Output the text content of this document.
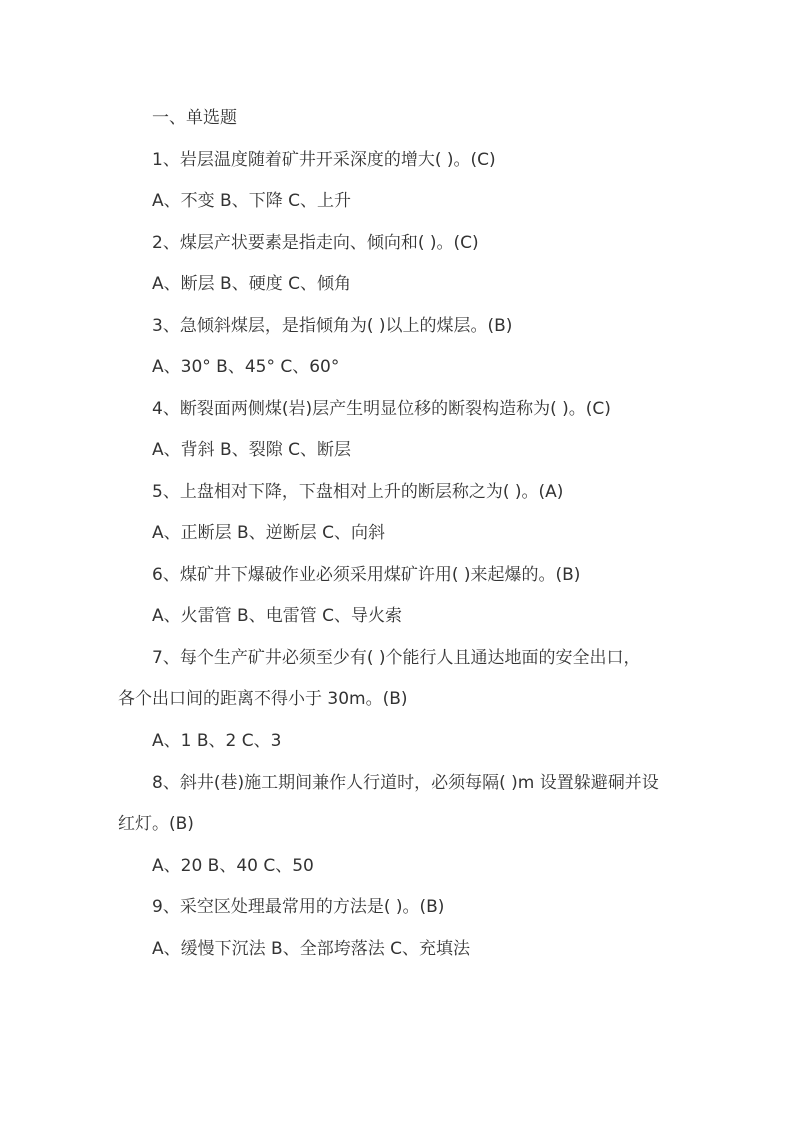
一、单选题
1、岩层温度随着矿井开采深度的增大( )。(C)
A、不变 B、下降 C、上升
2、煤层产状要素是指走向、倾向和( )。(C)
A、断层 B、硬度 C、倾角
3、急倾斜煤层，是指倾角为( )以上的煤层。(B)
A、30° B、45° C、60°
4、断裂面两侧煤(岩)层产生明显位移的断裂构造称为( )。(C)
A、背斜 B、裂隙 C、断层
5、上盘相对下降，下盘相对上升的断层称之为( )。(A)
A、正断层 B、逆断层 C、向斜
6、煤矿井下爆破作业必须采用煤矿许用( )来起爆的。(B)
A、火雷管 B、电雷管 C、导火索
7、每个生产矿井必须至少有( )个能行人且通达地面的安全出口，
各个出口间的距离不得小于 30m。(B)
A、1 B、2 C、3
8、斜井(巷)施工期间兼作人行道时，必须每隔( )m 设置躲避硐并设
红灯。(B)
A、20 B、40 C、50
9、采空区处理最常用的方法是( )。(B)
A、缓慢下沉法 B、全部垮落法 C、充填法
